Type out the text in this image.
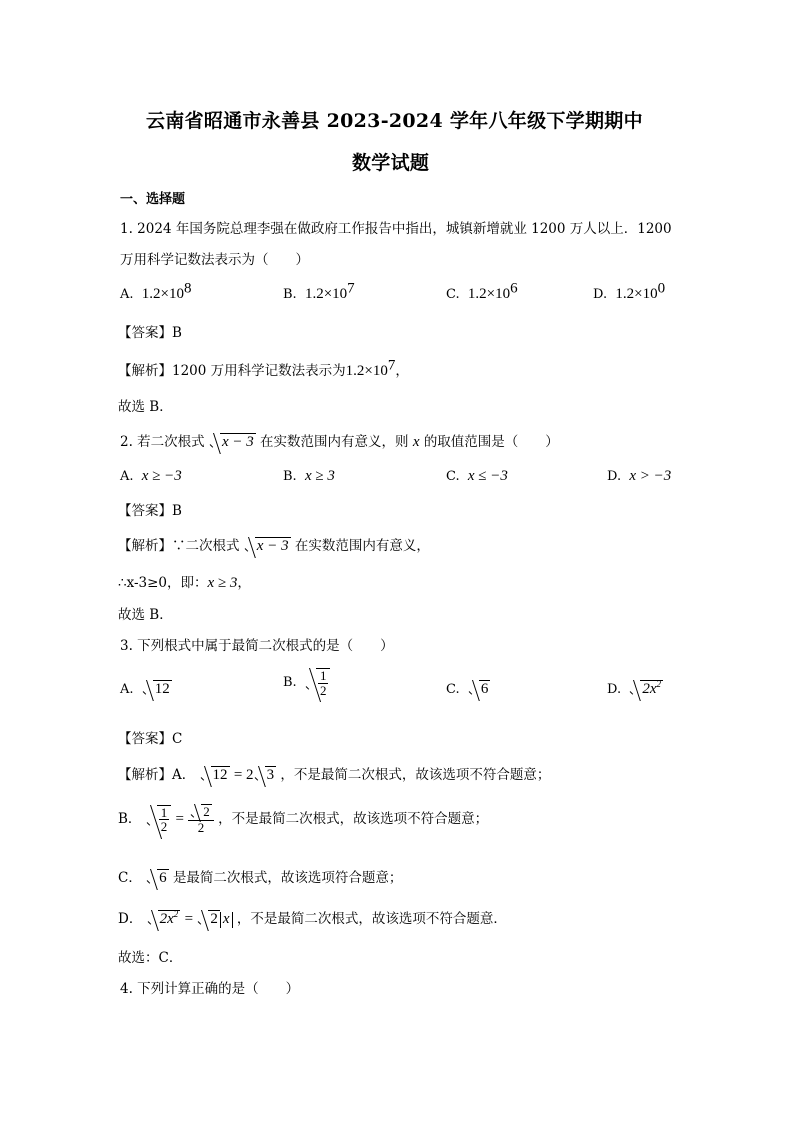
云南省昭通市永善县 2023-2024 学年八年级下学期期中
数学试题
一、选择题
1. 2024 年国务院总理李强在做政府工作报告中指出，城镇新增就业 1200 万人以上．1200
万用科学记数法表示为（　　）
A. $1.2\times 10^8$	B. $1.2\times 10^7$	C. $1.2\times 10^6$	D. $1.2\times 10^0$
【答案】B
【解析】1200 万用科学记数法表示为$1.2\times 10^7$，
故选 B．
2. 若二次根式 x − 3 在实数范围内有意义，则 x 的取值范围是（　　）
A. x ≥ −3	B. x ≥ 3	C. x ≤ −3	D. x > −3
【答案】B
【解析】∵二次根式 x − 3 在实数范围内有意义，
∴x-3≥0，即：x ≥ 3，
故选 B．
3. 下列根式中属于最简二次根式的是（　　）
A. 12	B. $\frac{1}{2}$	C. 6	D. $2x^2$
【答案】C
【解析】A． 12 = 2 3 ，不是最简二次根式，故该选项不符合题意；
B． $\frac{1}{2} = \frac{2}{2}$ ，不是最简二次根式，故该选项不符合题意；
C． 6 是最简二次根式，故该选项符合题意；
D． $2x^2 = 2$ x ，不是最简二次根式，故该选项不符合题意．
故选：C．
4. 下列计算正确的是（　　）
